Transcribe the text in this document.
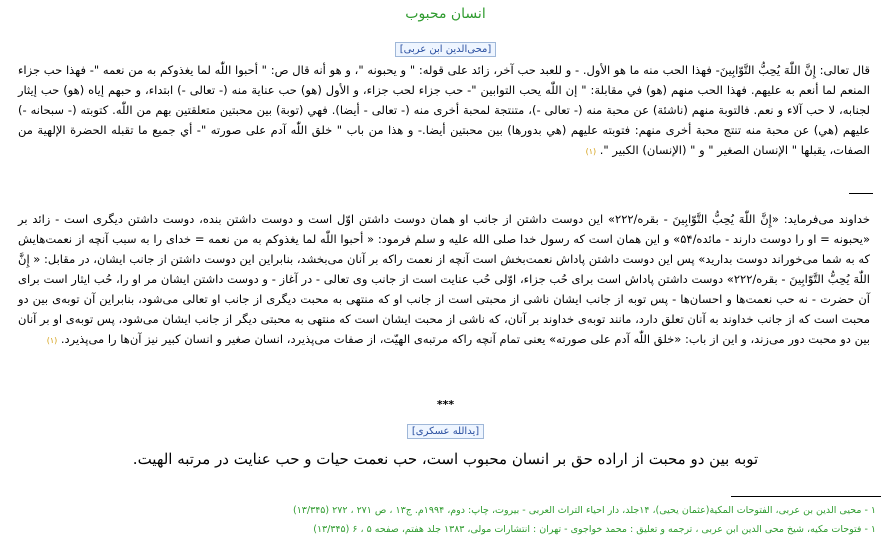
انسان محبوب
[محی‌الدین ابن عربی]
قال تعالی: إِنَّ اللّٰهَ يُحِبُّ التَّوّابِينَ- فهذا الحب منه ما هو الأول. - و للعبد حب آخر، زائد علی قوله: " و يحبونه "، و هو أنه قال ص: " أحبوا اللّٰه لما يغذوكم به من نعمه "- فهذا حب جزاء المنعم لما أنعم به عليهم. فهذا الحب منهم (هو) في مقابلة: " إن اللّٰه يحب التوابين "- حب جزاء لحب جزاء، و الأول (هو) حب عناية منه (- تعالی -) ابتداء، و حبهم إياه (هو) حب إيثار لجنابه، لا حب آلاء و نعم. فالتوبة منهم (ناشئة) عن محبة منه (- تعالی -)، متنتجة لمحبة أخری منه (- تعالی - أيضا). فهي (توبة) بين محبتين متعلقتين بهم من اللّٰه. كتوبته (- سبحانه -) عليهم (هي) عن محبة منه تنتج محبة أخری منهم: فتوبته عليهم (هي بدورها) بين محبتين أيضا.- و هذا من باب " خلق اللّٰه آدم علی صورته "- أي جميع ما تقبله الحضرة الإلهية من الصفات، يقبلها " الإنسان الصغير " و " (الإنسان) الكبير ". (۱)
خداوند می‌فرماید: «إِنَّ اللّٰهَ يُحِبُّ التَّوّابِينَ - بقره/۲۲۲» این دوست داشتن از جانب او همان دوست داشتن اوّل است و دوست داشتن بنده، دوست داشتن دیگری است - زائد بر «یحبونه = او را دوست دارند - مائده/۵۴» و این همان است که رسول خدا صلی الله علیه و سلم فرمود: « أحبوا اللّٰه لما يغذوكم به من نعمه = خدای را به سبب آنچه از نعمت‌هایش که به شما می‌خوراند دوست بدارید» پس این دوست داشتن پاداش نعمت‌بخش است آنچه از نعمت راکه بر آنان می‌بخشد، بنابراین این دوست داشتن از جانب ایشان، در مقابل: « إِنَّ اللّٰهَ يُحِبُّ التَّوّابِينَ - بقره/۲۲۲» دوست داشتن پاداش است برای حُب جزاء، اوّلی حُب عنایت است از جانب وی تعالی - در آغاز - و دوست داشتن ایشان مر او را، حُب ایثار است برای آن حضرت - نه حب نعمت‌ها و احسان‌ها - پس توبه از جانب ایشان ناشی از محبتی است از جانب او که منتهی به محبت دیگری از جانب او تعالی می‌شود، بنابراین آن توبه‌ی بین دو محبت است که از جانب خداوند به آنان تعلق دارد، مانند توبه‌ی خداوند بر آنان، که ناشی از محبت ایشان است که منتهی به محبتی دیگر از جانب ایشان می‌شود، پس توبه‌ی او بر آنان بین دو محبت دور می‌زند، و این از باب: «خلق اللّٰه آدم علی صورته» یعنی تمام آنچه راکه مرتبه‌ی الهیّت، از صفات می‌پذیرد، انسان صغیر و انسان کبیر نیز آن‌ها را می‌پذیرد. (۱)
***
[یدالله‌ عسکری]
توبه بین دو محبت از اراده حق بر انسان محبوب است، حب نعمت حیات و حب عنایت در مرتبه الهیت.
۱ - محیی الدین بن عربی، الفتوحات المکیة(عثمان یحیی)، ۱۴جلد، دار احیاء التراث العربی - بیروت، چاپ: دوم، ۱۹۹۴م. ج۱۳ ، ص ۲۷۱ ، ۲۷۲ (۱۳/۳۴۵)
۱ - فتوحات مکیه، شیخ محی الدین ابن عربی ، ترجمه و تعلیق : محمد خواجوی - تهران : انتشارات مولی، ۱۳۸۳ جلد هفتم، صفحه ۵ ، ۶ (۱۳/۳۴۵)
